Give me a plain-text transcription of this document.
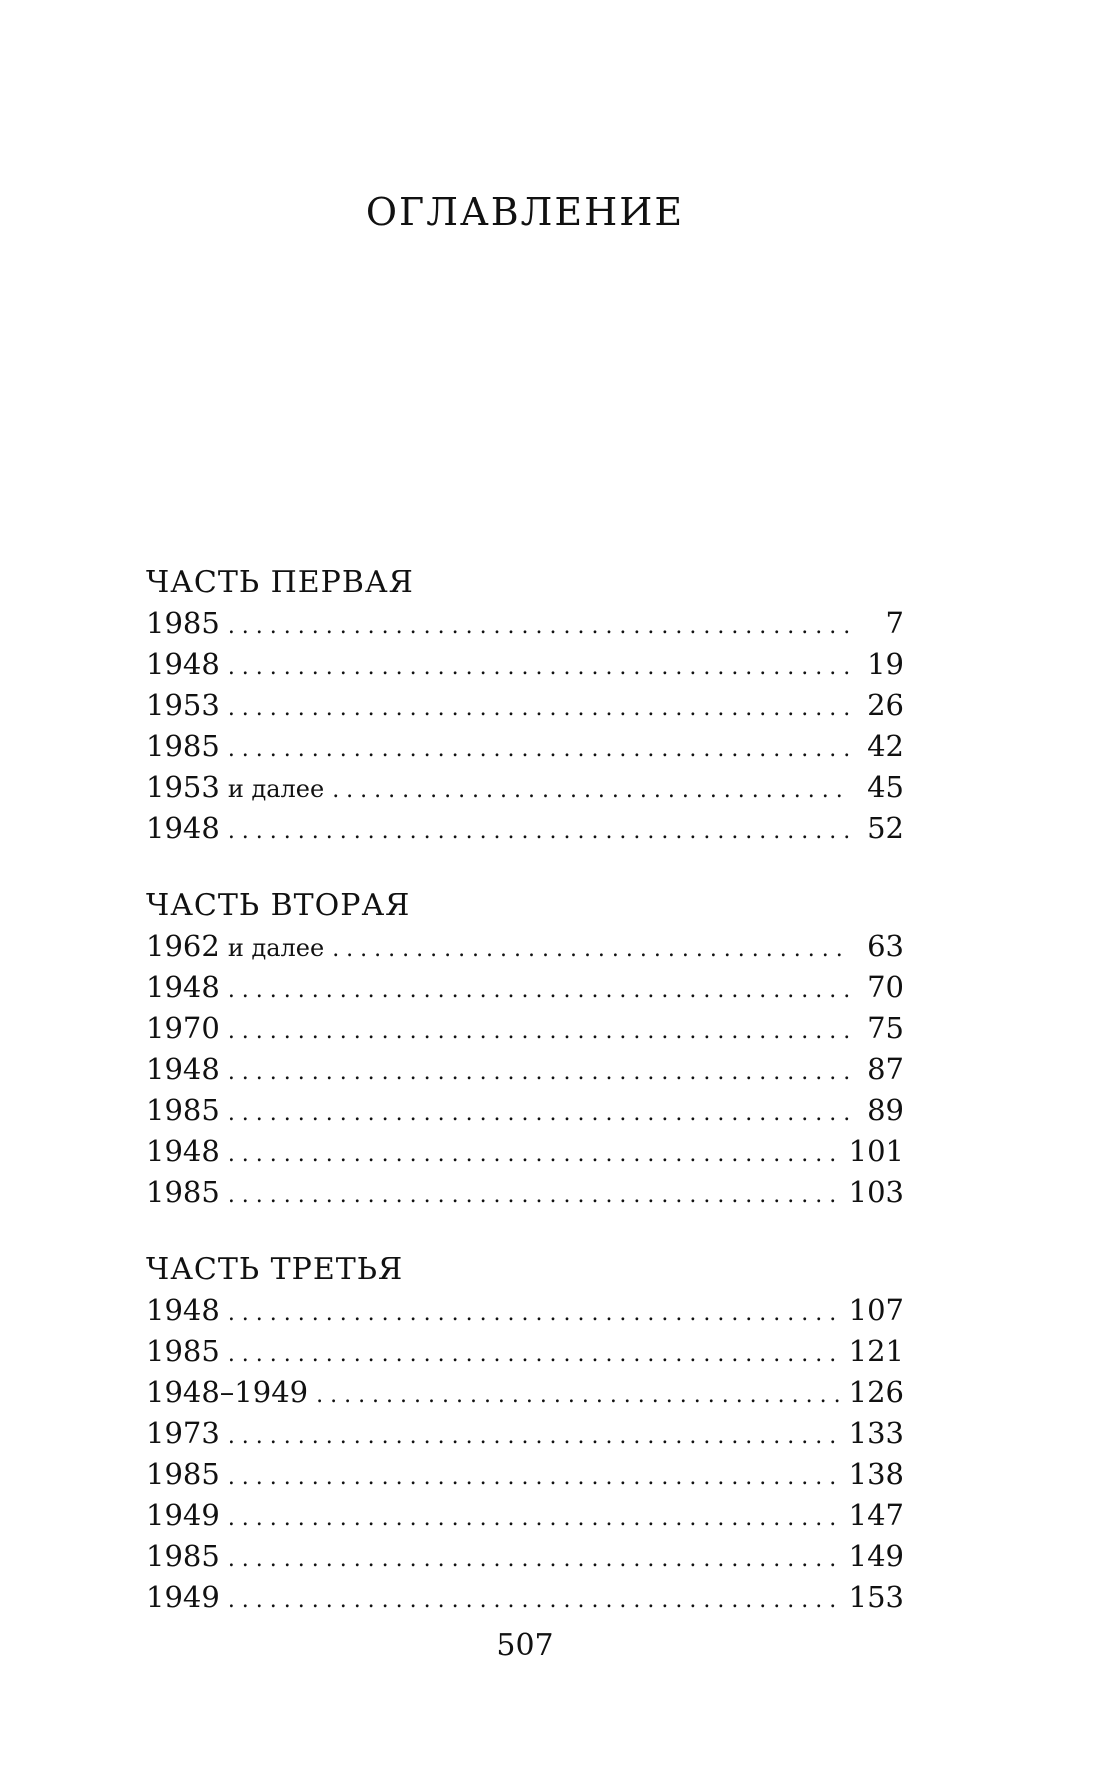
ОГЛАВЛЕНИЕ
ЧАСТЬ ПЕРВАЯ
1985 . . .	7
1948 . . .	19
1953 . . .	26
1985 . . .	42
1953 и далее . . .	45
1948 . . .	52
ЧАСТЬ ВТОРАЯ
1962 и далее . . .	63
1948 . . .	70
1970 . . .	75
1948 . . .	87
1985 . . .	89
1948 . . .	101
1985 . . .	103
ЧАСТЬ ТРЕТЬЯ
1948 . . .	107
1985 . . .	121
1948–1949 . . .	126
1973 . . .	133
1985 . . .	138
1949 . . .	147
1985 . . .	149
1949 . . .	153
507
